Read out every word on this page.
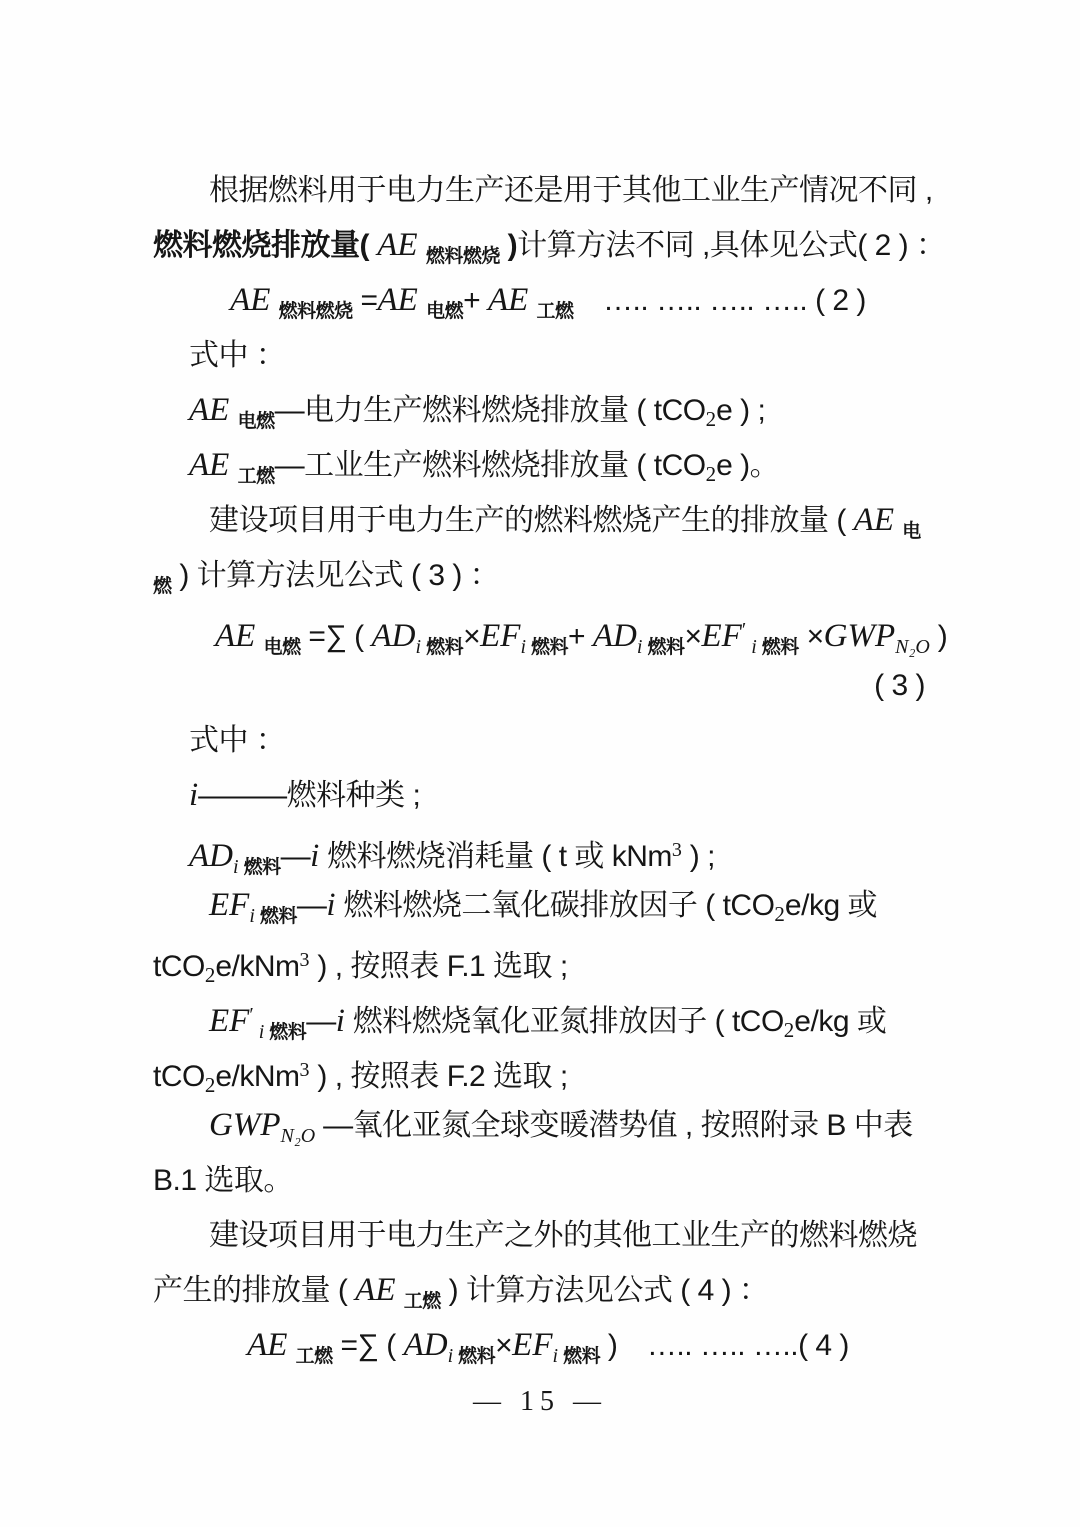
根据燃料用于电力生产还是用于其他工业生产情况不同 ,
燃料燃烧排放量( AE $_{燃料燃烧}$ )计算方法不同 ,具体见公式( 2 ) ：
AE $_{燃料燃烧}$ =AE $_{电燃}$+ AE $_{工燃}$　….. ….. ….. ….. ( 2 )
式中 ：
AE $_{电燃}$—电力生产燃料燃烧排放量 ( tCO$_2$e ) ;
AE $_{工燃}$—工业生产燃料燃烧排放量 ( tCO$_2$e )。
建设项目用于电力生产的燃料燃烧产生的排放量 ( AE $_电$
$_燃$ ) 计算方法见公式 ( 3 ) ：
AE $_{电燃}$ =∑ ( $AD_i$ $_{燃料}\times EF_i$ $_{燃料}+ AD_i$ $_{燃料}$×EF′ $_i$ $_{燃料} \times GWP_{N_2O}$ )
( 3 )
式中 ：
i———燃料种类 ;
$AD_i$ $_{燃料}$—i 燃料燃烧消耗量 ( t 或 kNm$^3$ ) ;
$EF_i$ $_{燃料}$—i 燃料燃烧二氧化碳排放因子 ( tCO$_2$e/kg 或
tCO$_2$e/kNm$^3$ ) , 按照表 F.1 选取 ;
EF′ $_i$ $_{燃料}$—i 燃料燃烧氧化亚氮排放因子 ( tCO$_2$e/kg 或
tCO$_2$e/kNm$^3$ ) , 按照表 F.2 选取 ;
$GWP_{N_2O}$ —氧化亚氮全球变暖潜势值 , 按照附录 B 中表
B.1 选取。
建设项目用于电力生产之外的其他工业生产的燃料燃烧
产生的排放量 ( AE $_{工燃}$ ) 计算方法见公式 ( 4 ) ：
AE $_{工燃}$ =∑ ( $AD_i$ $_{燃料}\times EF_i$ $_{燃料}$ )　….. ….. …..( 4 )
— 15 —
